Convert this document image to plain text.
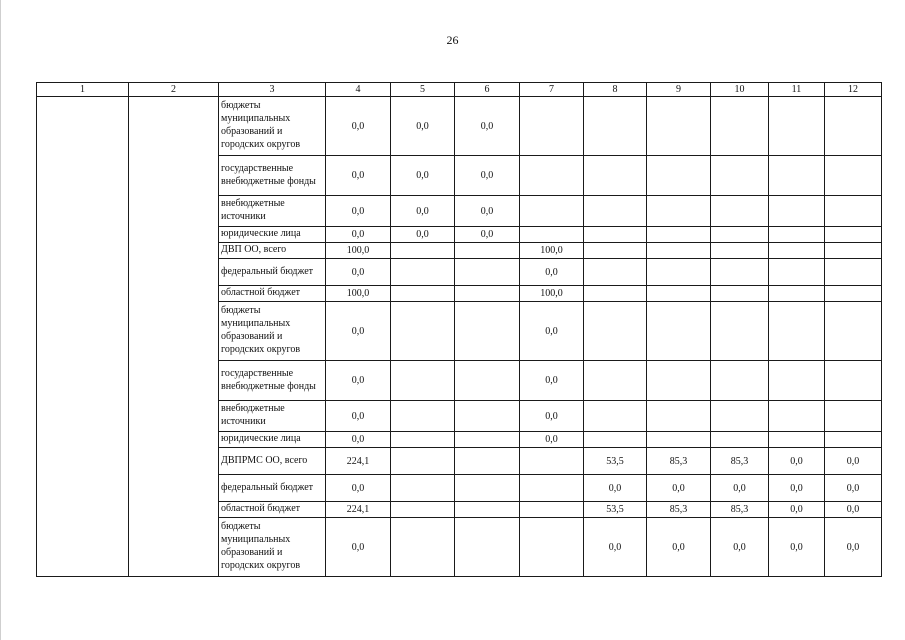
26
1	2	3	4	5	6	7	8	9	10	11	12
		бюджеты муниципальных образований и городских округов	0,0	0,0	0,0						
		государственные внебюджетные фонды	0,0	0,0	0,0						
		внебюджетные источники	0,0	0,0	0,0						
		юридические лица	0,0	0,0	0,0						
		ДВП ОО, всего	100,0			100,0					
		федеральный бюджет	0,0			0,0					
		областной бюджет	100,0			100,0					
		бюджеты муниципальных образований и городских округов	0,0			0,0					
		государственные внебюджетные фонды	0,0			0,0					
		внебюджетные источники	0,0			0,0					
		юридические лица	0,0			0,0					
		ДВПРМС ОО, всего	224,1				53,5	85,3	85,3	0,0	0,0
		федеральный бюджет	0,0				0,0	0,0	0,0	0,0	0,0
		областной бюджет	224,1				53,5	85,3	85,3	0,0	0,0
		бюджеты муниципальных образований и городских округов	0,0				0,0	0,0	0,0	0,0	0,0
